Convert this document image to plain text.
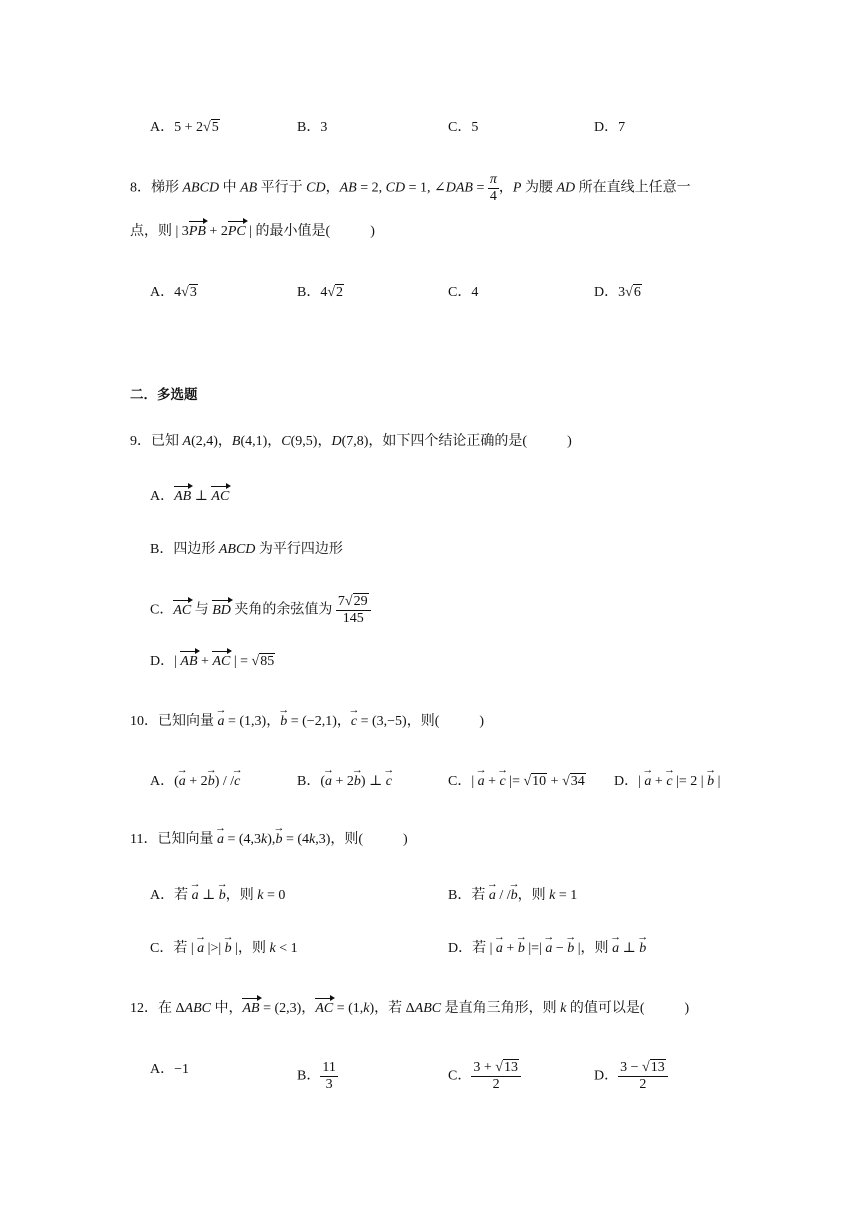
A．5 + 2√5	B．3	C．5	D．7
8．梯形 ABCD 中 AB 平行于 CD，AB = 2, CD = 1, ∠DAB = $\frac{\pi}{4}$ ，P 为腰 AD 所在直线上任意一
点，则 | 3PB + 2PC | 的最小值是(	)
A．4√3	B．4√2	C．4	D．3√6
二．多选题
9．已知 A(2,4)，B(4,1)，C(9,5)，D(7,8)，如下四个结论正确的是(	)
A．AB ⊥ AC
B．四边形 ABCD 为平行四边形
C．AC 与 BD 夹角的余弦值为 $\frac{7√29}{145}$
D．| AB + AC | = √85
10．已知向量 → a = (1,3)，→ b = (−2,1)，→ c = (3,−5)，则(	)
A．(→ a + 2→ b) / /→ c	B．(→ a + 2→ b) ⊥ → c	C．| → a + → c |= √10 + √34 D．| → a + → c |= 2 | → b |
11．已知向量 → a = (4,3k),→ b = (4k,3)，则(	)
A．若 → a ⊥ → b，则 k = 0	B．若 → a / /→ b，则 k = 1
C．若 | → a |>| → b |，则 k < 1	D．若 | → a + → b |=| → a − → b |，则 → a ⊥ → b
12．在 ΔABC 中，AB = (2,3)，AC = (1,k)，若 ΔABC 是直角三角形，则 k 的值可以是(	)
A．−1	B． $\frac{11}{3}$	C． $\frac{3 + √13}{2}$	D． $\frac{3 - √13}{2}$
